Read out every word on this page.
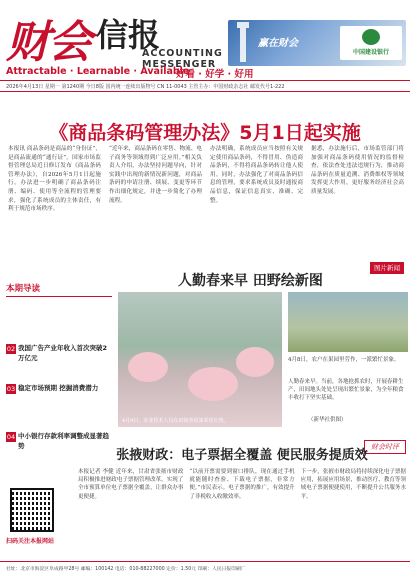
财会 信报
ACCOUNTING
MESSENGER
Attractable · Learnable · Available
好看 · 好学 · 好用
赢在财会
中国建设银行
2026年4月13日 星期一 第1240期 今日8版 国内统一连续出版物号 CN 11-0043 主管主办：中国财政杂志社 邮发代号1-222
《商品条码管理办法》5月1日起实施
本报讯 商品条码是商品的“身份证”，是商品流通的“通行证”。国家市场监督管理总局近日修订发布《商品条码管理办法》，自2026年5月1日起施行。办法进一步明确了商品条码注册、编码、使用等全流程的管理要求，强化了系统成员的主体责任，有利于规范市场秩序。
“近年来，商品条码在零售、物流、电子商务等领域得到广泛应用。”相关负责人介绍，办法坚持问题导向，针对实践中出现的新情况新问题，对商品条码的申请注册、续展、变更等环节作出细化规定，并进一步简化了办理流程。
办法明确，系统成员应当按照有关规定使用商品条码，不得冒用、伪造商品条码，不得将商品条码转让他人使用。同时，办法强化了对商品条码信息的管理，要求系统成员及时通报商品信息，保证信息真实、准确、完整。
据悉，办法施行后，市场监管部门将加强对商品条码使用情况的监督检查，依法查处违法违规行为，推动商品条码在质量追溯、消费维权等领域发挥更大作用，更好服务经济社会高质量发展。
本期导读
02 我国广告产业年收入首次突破2万亿元
03 稳定市场预期 挖掘消费潜力
04 中小银行存款利率调整成显著趋势
图片新闻
人勤春来早 田野绘新图
4月9日，农业技术人员在田间查看油菜花长势。
4月8日，农户在果园里劳作，一派繁忙景象。
人勤春来早。当前，各地抢抓农时，开展春耕生产，田间地头处处呈现出繁忙景象，为全年粮食丰收打下坚实基础。
（新华社供图）
扫码关注本报网站
财会时评
张掖财政：电子票据全覆盖 便民服务提质效
本报记者 李健 近年来，甘肃省张掖市财政局积极推进财政电子票据管理改革，实现了全市预算单位电子票据全覆盖，让群众办事更便捷。
“以前开票需要到窗口排队，现在通过手机就能随时查验、下载电子票据，非常方便。”市民表示。电子票据的推广，有效提升了非税收入收缴效率。
下一步，张掖市财政局将持续深化电子票据应用，拓展应用场景，推动医疗、教育等领域电子票据便捷使用，不断提升公共服务水平。
社址：北京市海淀区阜成路甲28号 邮编：100142 电话：010-88227000 定价：1.50元 印刷：人民日报印刷厂
